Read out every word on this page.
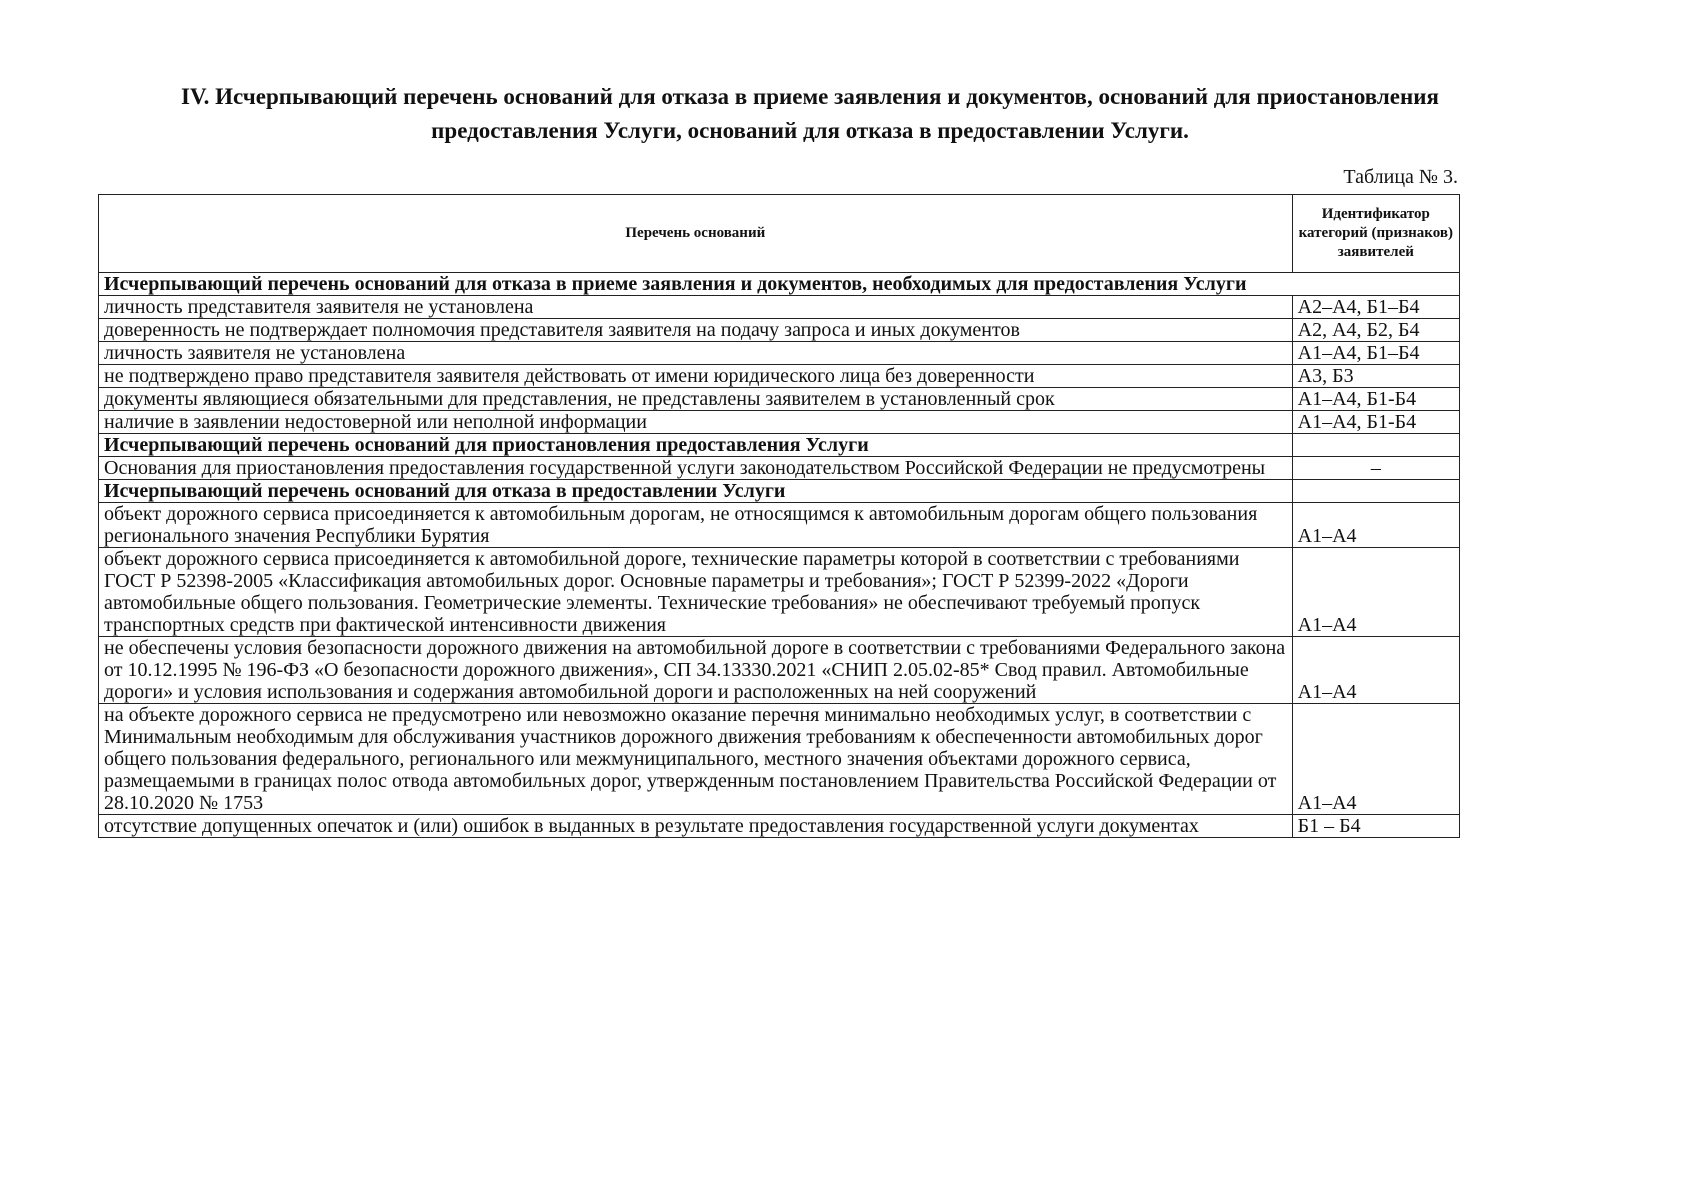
IV. Исчерпывающий перечень оснований для отказа в приеме заявления и документов, оснований для приостановления предоставления Услуги, оснований для отказа в предоставлении Услуги.
Таблица № 3.
Перечень оснований	Идентификатор категорий (признаков) заявителей
Исчерпывающий перечень оснований для отказа в приеме заявления и документов, необходимых для предоставления Услуги	
личность представителя заявителя не установлена	А2–А4, Б1–Б4
доверенность не подтверждает полномочия представителя заявителя на подачу запроса и иных документов	А2, А4, Б2, Б4
личность заявителя не установлена	А1–А4, Б1–Б4
не подтверждено право представителя заявителя действовать от имени юридического лица без доверенности	А3, Б3
документы являющиеся обязательными для представления, не представлены заявителем в установленный срок	А1–А4, Б1-Б4
наличие в заявлении недостоверной или неполной информации	А1–А4, Б1-Б4
Исчерпывающий перечень оснований для приостановления предоставления Услуги	
Основания для приостановления предоставления государственной услуги законодательством Российской Федерации не предусмотрены	–
Исчерпывающий перечень оснований для отказа в предоставлении Услуги	
объект дорожного сервиса присоединяется к автомобильным дорогам, не относящимся к автомобильным дорогам общего пользования регионального значения Республики Бурятия	А1–А4
объект дорожного сервиса присоединяется к автомобильной дороге, технические параметры которой в соответствии с требованиями ГОСТ Р 52398-2005 «Классификация автомобильных дорог. Основные параметры и требования»; ГОСТ Р 52399-2022 «Дороги автомобильные общего пользования. Геометрические элементы. Технические требования» не обеспечивают требуемый пропуск транспортных средств при фактической интенсивности движения	А1–А4
не обеспечены условия безопасности дорожного движения на автомобильной дороге в соответствии с требованиями Федерального закона от 10.12.1995 № 196-ФЗ «О безопасности дорожного движения», СП 34.13330.2021 «СНИП 2.05.02-85* Свод правил. Автомобильные дороги» и условия использования и содержания автомобильной дороги и расположенных на ней сооружений	А1–А4
на объекте дорожного сервиса не предусмотрено или невозможно оказание перечня минимально необходимых услуг, в соответствии с Минимальным необходимым для обслуживания участников дорожного движения требованиям к обеспеченности автомобильных дорог общего пользования федерального, регионального или межмуниципального, местного значения объектами дорожного сервиса, размещаемыми в границах полос отвода автомобильных дорог, утвержденным постановлением Правительства Российской Федерации от 28.10.2020 № 1753	А1–А4
отсутствие допущенных опечаток и (или) ошибок в выданных в результате предоставления государственной услуги документах	Б1 – Б4
